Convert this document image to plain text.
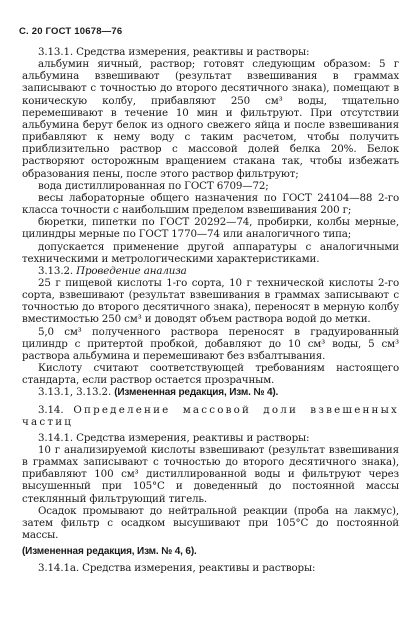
С. 20 ГОСТ 10678—76

3.13.1. Средства измерения, реактивы и растворы:

альбумин яичный, раствор; готовят следующим образом: 5 г альбумина взвешивают (результат взвешивания в граммах записывают с точностью до второго десятичного знака), помещают в коническую колбу, прибавляют 250 см³ воды, тщательно перемешивают в течение 10 мин и фильтруют. При отсутствии альбумина берут белок из одного свежего яйца и после взвешивания прибавляют к нему воду с таким расчетом, чтобы получить приблизительно раствор с массовой долей белка 20%. Белок растворяют осторожным вращением стакана так, чтобы избежать образования пены, после этого раствор фильтруют;

вода дистиллированная по ГОСТ 6709—72;

весы лабораторные общего назначения по ГОСТ 24104—88 2-го класса точности с наибольшим пределом взвешивания 200 г;

бюретки, пипетки по ГОСТ 20292—74, пробирки, колбы мерные, цилиндры мерные по ГОСТ 1770—74 или аналогичного типа;

допускается применение другой аппаратуры с аналогичными техническими и метрологическими характеристиками.

3.13.2. Проведение анализа

25 г пищевой кислоты 1-го сорта, 10 г технической кислоты 2-го сорта, взвешивают (результат взвешивания в граммах записывают с точностью до второго десятичного знака), переносят в мерную колбу вместимостью 250 см³ и доводят объем раствора водой до метки.

5,0 см³ полученного раствора переносят в градуированный цилиндр с притертой пробкой, добавляют до 10 см³ воды, 5 см³ раствора альбумина и перемешивают без взбалтывания.

Кислоту считают соответствующей требованиям настоящего стандарта, если раствор остается прозрачным.

3.13.1, 3.13.2. (Измененная редакция, Изм. № 4).

3.14. Определение массовой доли взвешенных частиц

3.14.1. Средства измерения, реактивы и растворы:

10 г анализируемой кислоты взвешивают (результат взвешивания в граммах записывают с точностью до второго десятичного знака), прибавляют 100 см³ дистиллированной воды и фильтруют через высушенный при 105°С и доведенный до постоянной массы стеклянный фильтрующий тигель.

Осадок промывают до нейтральной реакции (проба на лакмус), затем фильтр с осадком высушивают при 105°С до постоянной массы.

(Измененная редакция, Изм. № 4, 6).

3.14.1а. Средства измерения, реактивы и растворы:
